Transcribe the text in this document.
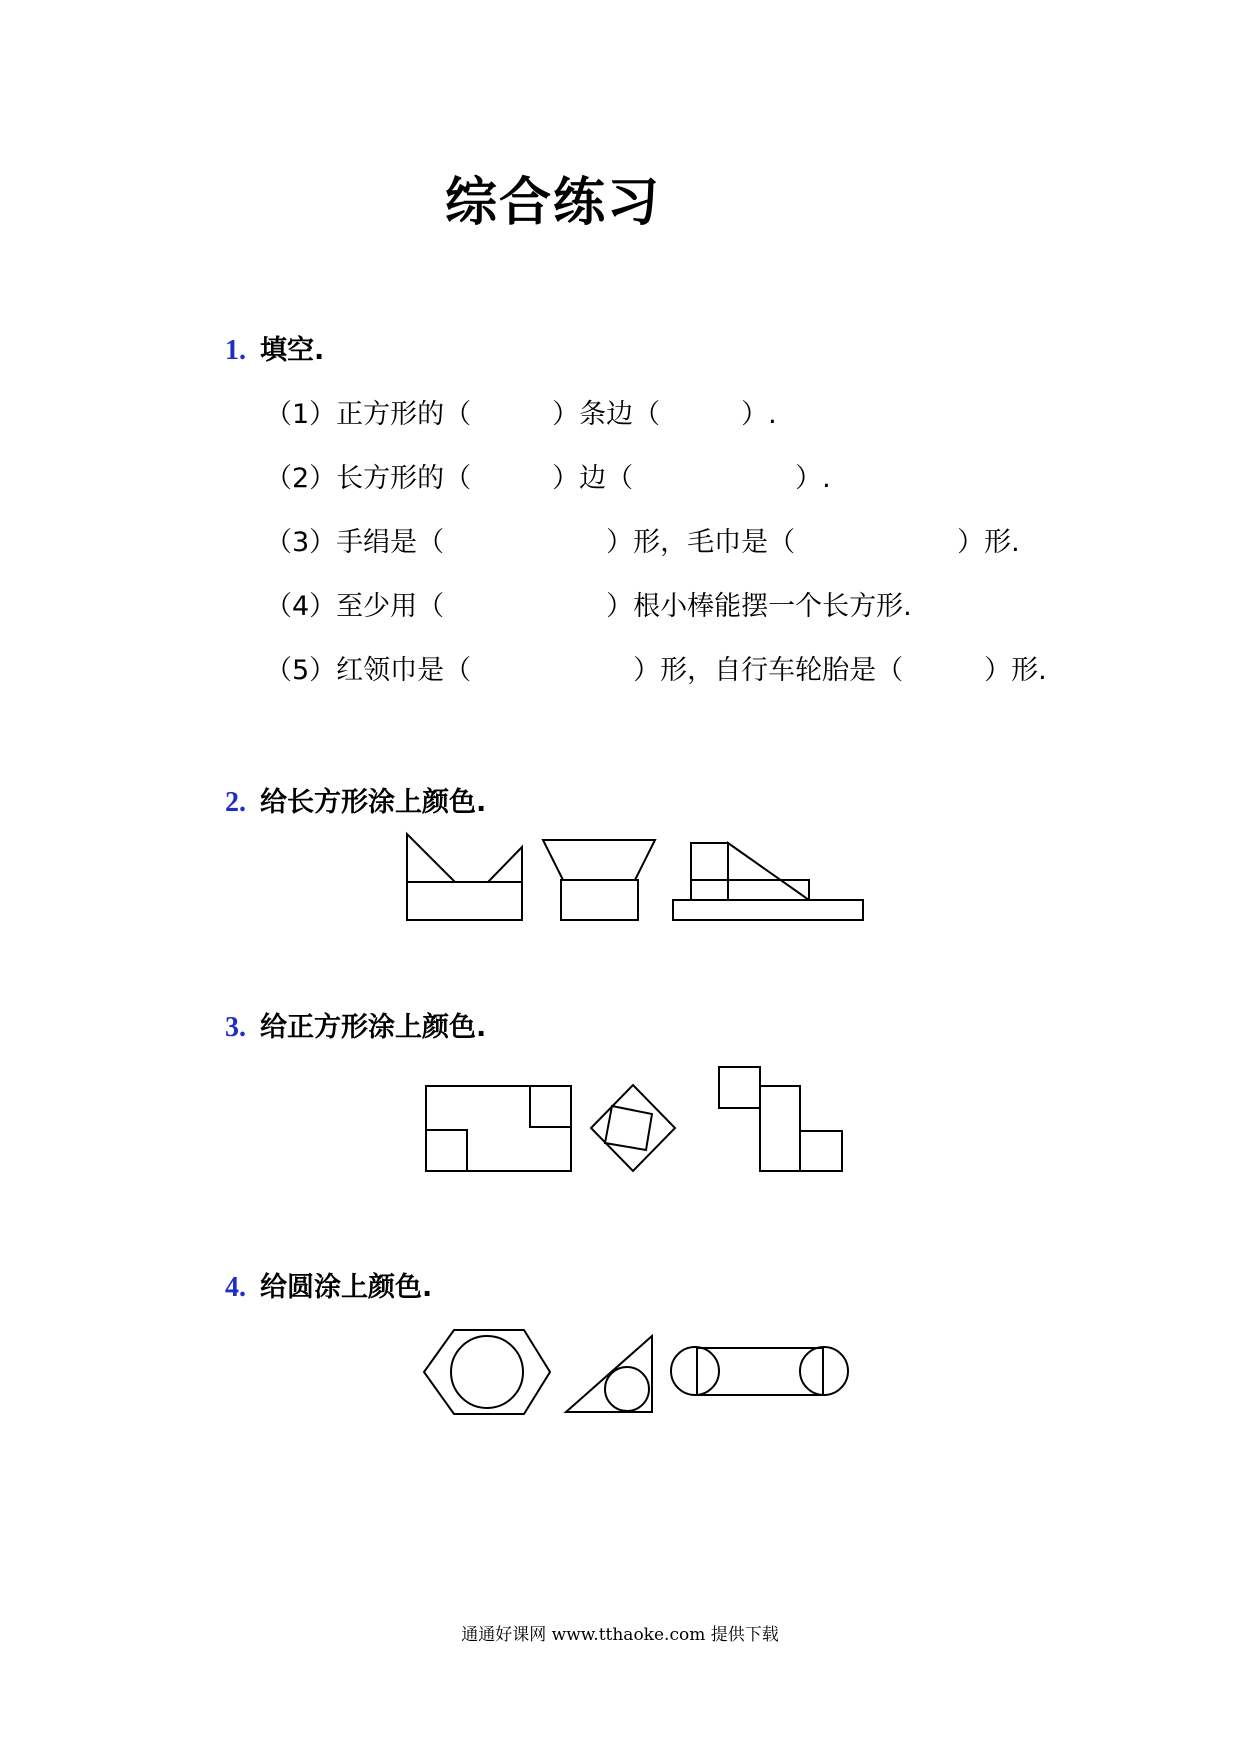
综合练习
1. 填空.
（1）正方形的（　　　）条边（　　　）.
（2）长方形的（　　　）边（　　　　　　）.
（3）手绢是（　　　　　　）形，毛巾是（　　　　　　）形.
（4）至少用（　　　　　　）根小棒能摆一个长方形.
（5）红领巾是（　　　　　　）形，自行车轮胎是（　　　）形.
2. 给长方形涂上颜色.
3. 给正方形涂上颜色.
4. 给圆涂上颜色.
通通好课网 www.tthaoke.com 提供下载
